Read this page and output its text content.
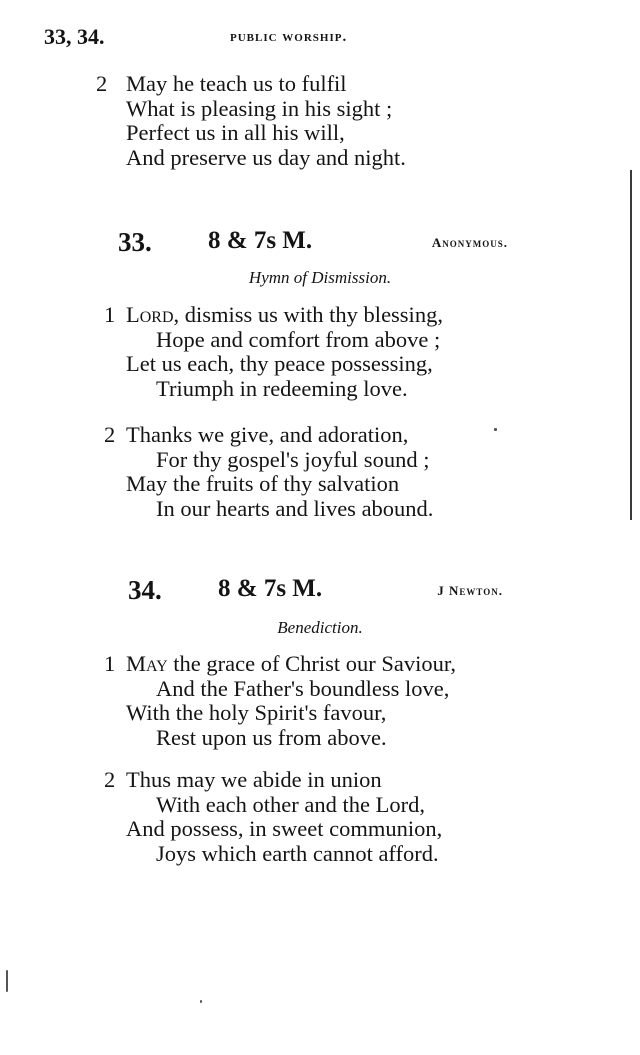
33, 34.	public worship.
2 May he teach us to fulfil
What is pleasing in his sight ;
Perfect us in all his will,
And preserve us day and night.
33. 8 & 7s M.	Anonymous.
Hymn of Dismission.
1 Lord, dismiss us with thy blessing,
Hope and comfort from above ;
Let us each, thy peace possessing,
Triumph in redeeming love.
2 Thanks we give, and adoration,
For thy gospel's joyful sound ;
May the fruits of thy salvation
In our hearts and lives abound.
34. 8 & 7s M.	J Newton.
Benediction.
1 May the grace of Christ our Saviour,
And the Father's boundless love,
With the holy Spirit's favour,
Rest upon us from above.
2 Thus may we abide in union
With each other and the Lord,
And possess, in sweet communion,
Joys which earth cannot afford.
